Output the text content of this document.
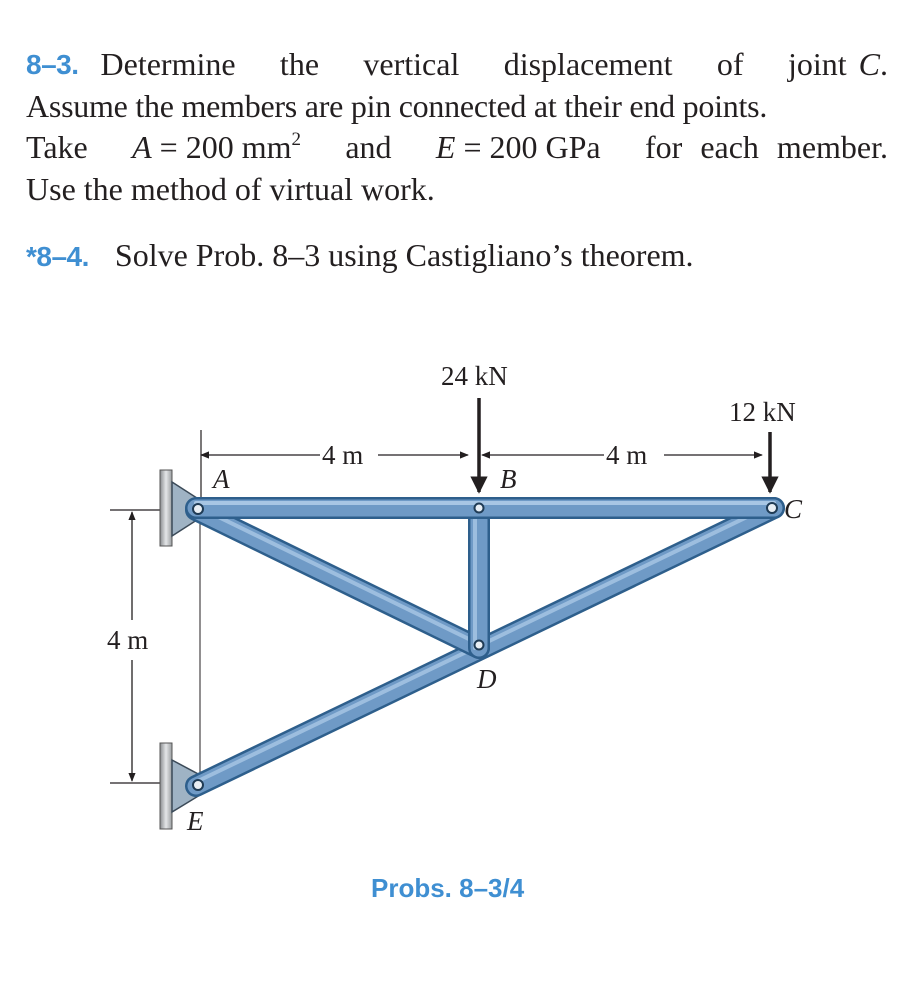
8–3. Determine the vertical displacement of joint C.
Assume the members are pin connected at their end points.
Take A = 200 $mm^2$ and E = 200 GPa for each member.
Use the method of virtual work.
*8–4. Solve Prob. 8–3 using Castigliano’s theorem.
4 m	4 m
4 m
24 kN
12 kN
A	B
C
D
E
Probs. 8–3/4
